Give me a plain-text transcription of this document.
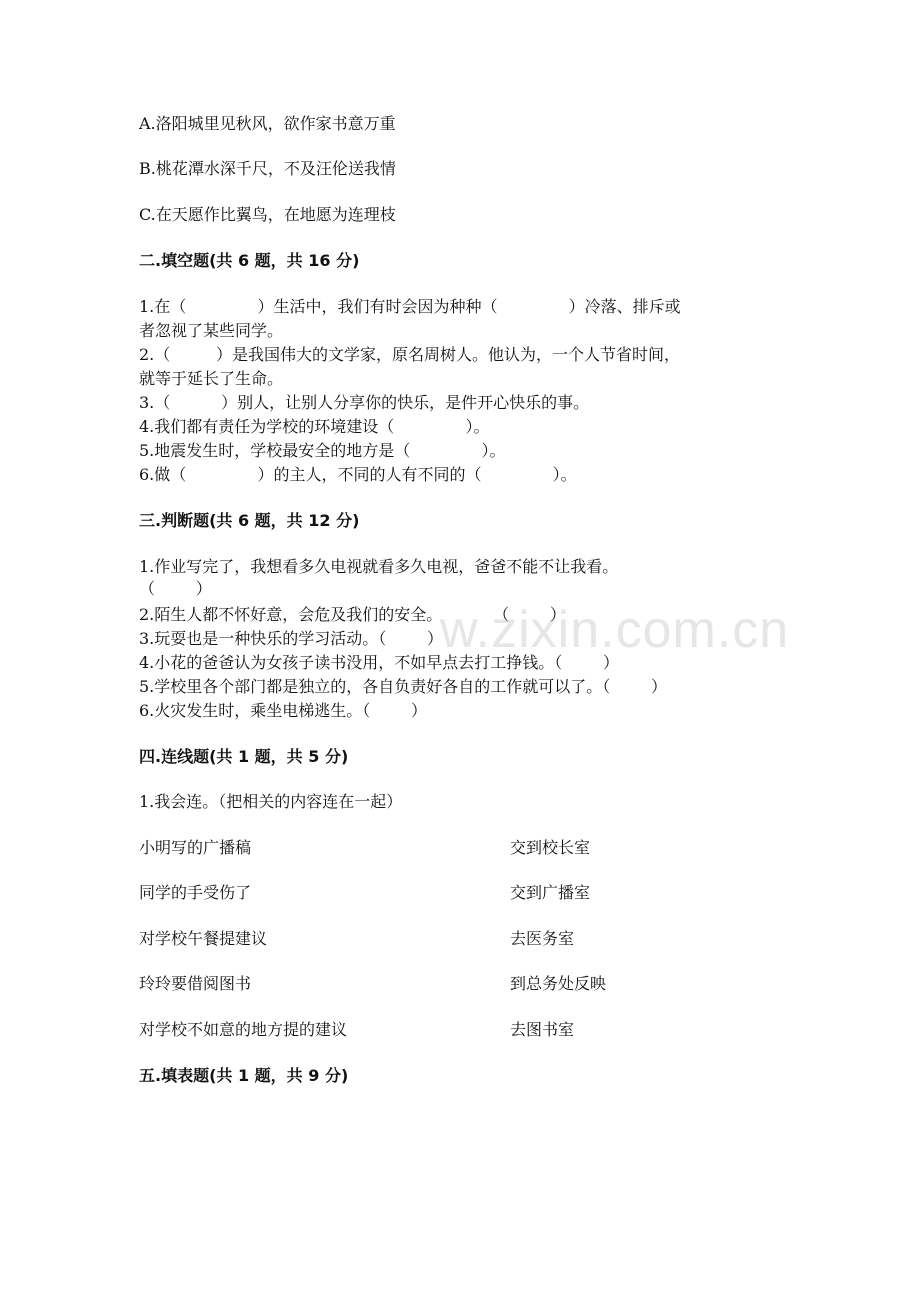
w.zixin.com.cn
A.洛阳城里见秋风，欲作家书意万重
B.桃花潭水深千尺，不及汪伦送我情
C.在天愿作比翼鸟，在地愿为连理枝
二.填空题(共 6 题，共 16 分)
1.在（              ）生活中，我们有时会因为种种（              ）冷落、排斥或
者忽视了某些同学。
2.（         ）是我国伟大的文学家，原名周树人。他认为，一个人节省时间，
就等于延长了生命。
3.（          ）别人，让别人分享你的快乐，是件开心快乐的事。
4.我们都有责任为学校的环境建设（              ）。
5.地震发生时，学校最安全的地方是（              ）。
6.做（              ）的主人，不同的人有不同的（              ）。
三.判断题(共 6 题，共 12 分)
1.作业写完了，我想看多久电视就看多久电视，爸爸不能不让我看。
（        ）
2.陌生人都不怀好意，会危及我们的安全。          （        ）
3.玩耍也是一种快乐的学习活动。（        ）
4.小花的爸爸认为女孩子读书没用，不如早点去打工挣钱。（        ）
5.学校里各个部门都是独立的，各自负责好各自的工作就可以了。（        ）
6.火灾发生时，乘坐电梯逃生。（        ）
四.连线题(共 1 题，共 5 分)
1.我会连。（把相关的内容连在一起）
小明写的广播稿	交到校长室
同学的手受伤了	交到广播室
对学校午餐提建议	去医务室
玲玲要借阅图书	到总务处反映
对学校不如意的地方提的建议	去图书室
五.填表题(共 1 题，共 9 分)
